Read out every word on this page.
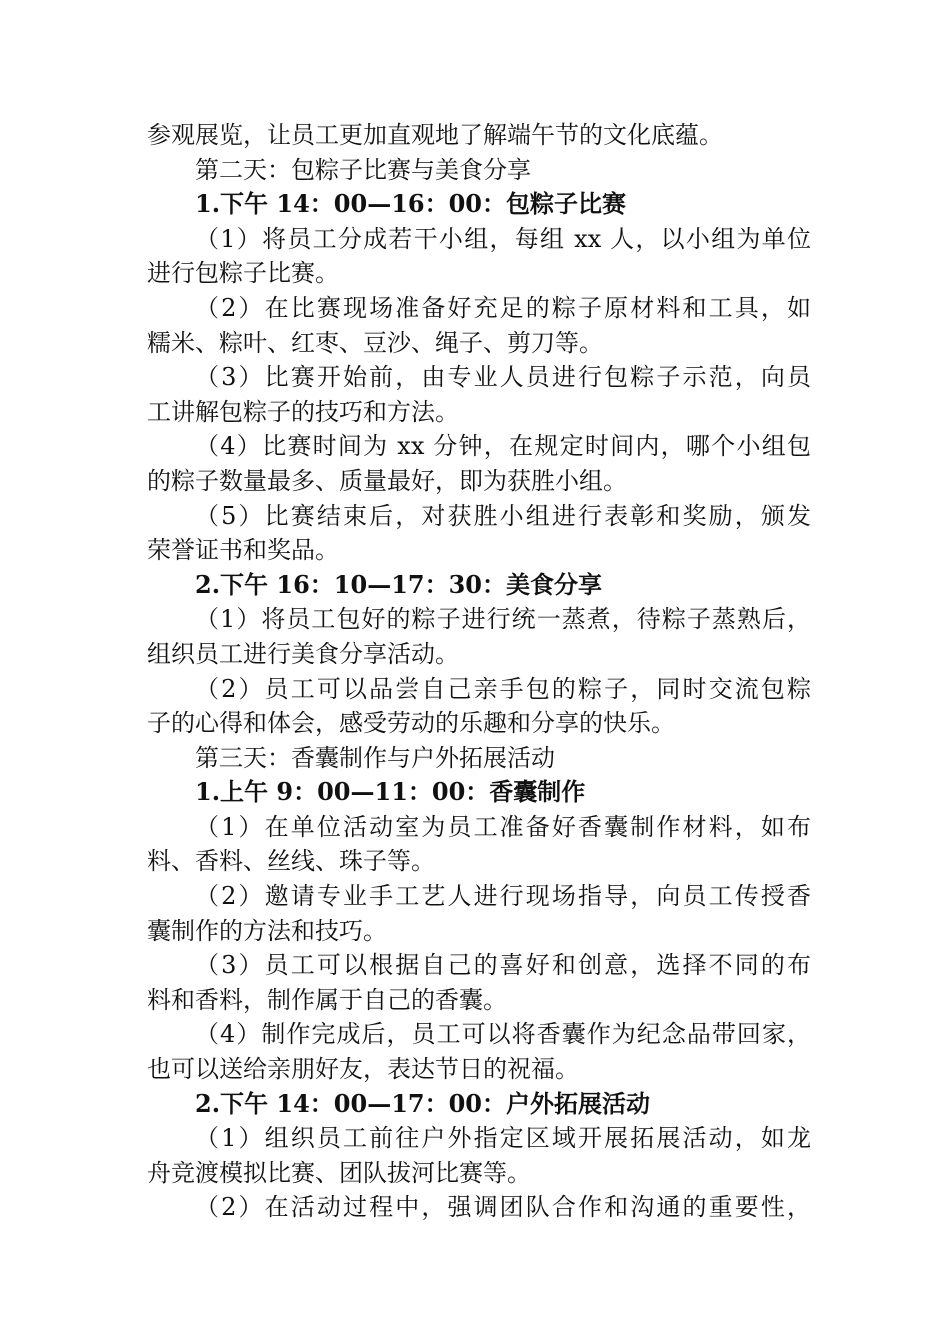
参观展览，让员工更加直观地了解端午节的文化底蕴。
第二天：包粽子比赛与美食分享
1.下午 14：00—16：00：包粽子比赛
（1）将员工分成若干小组，每组 xx 人，以小组为单位
进行包粽子比赛。
（2）在比赛现场准备好充足的粽子原材料和工具，如
糯米、粽叶、红枣、豆沙、绳子、剪刀等。
（3）比赛开始前，由专业人员进行包粽子示范，向员
工讲解包粽子的技巧和方法。
（4）比赛时间为 xx 分钟，在规定时间内，哪个小组包
的粽子数量最多、质量最好，即为获胜小组。
（5）比赛结束后，对获胜小组进行表彰和奖励，颁发
荣誉证书和奖品。
2.下午 16：10—17：30：美食分享
（1）将员工包好的粽子进行统一蒸煮，待粽子蒸熟后，
组织员工进行美食分享活动。
（2）员工可以品尝自己亲手包的粽子，同时交流包粽
子的心得和体会，感受劳动的乐趣和分享的快乐。
第三天：香囊制作与户外拓展活动
1.上午 9：00—11：00：香囊制作
（1）在单位活动室为员工准备好香囊制作材料，如布
料、香料、丝线、珠子等。
（2）邀请专业手工艺人进行现场指导，向员工传授香
囊制作的方法和技巧。
（3）员工可以根据自己的喜好和创意，选择不同的布
料和香料，制作属于自己的香囊。
（4）制作完成后，员工可以将香囊作为纪念品带回家，
也可以送给亲朋好友，表达节日的祝福。
2.下午 14：00—17：00：户外拓展活动
（1）组织员工前往户外指定区域开展拓展活动，如龙
舟竞渡模拟比赛、团队拔河比赛等。
（2）在活动过程中，强调团队合作和沟通的重要性，
